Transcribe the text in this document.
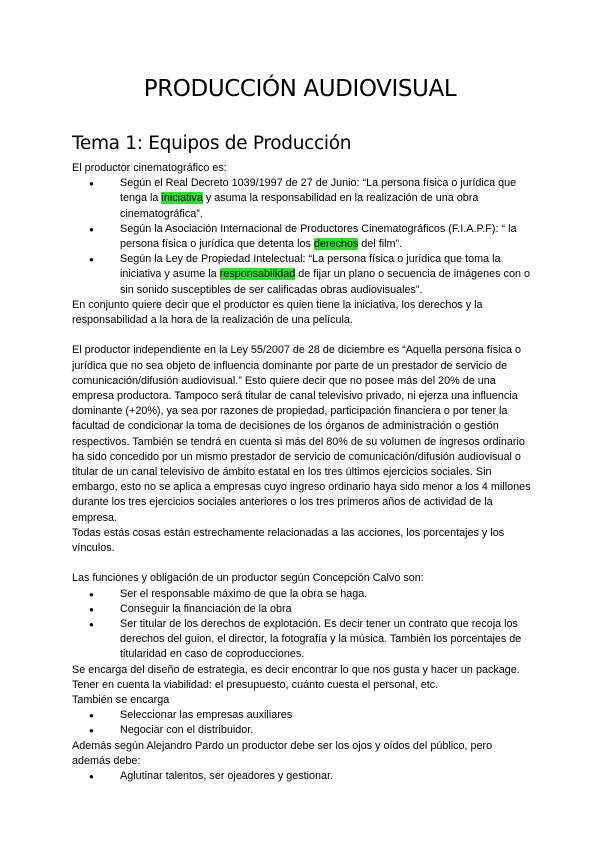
PRODUCCIÓN AUDIOVISUAL
Tema 1: Equipos de Producción

El productor cinematográfico es:

● Según el Real Decreto 1039/1997 de 27 de Junio: “La persona física o jurídica que tenga la iniciativa y asuma la responsabilidad en la realización de una obra cinematográfica”.
● Según la Asociación Internacional de Productores Cinematográficos (F.I.A.P.F): “ la persona física o jurídica que detenta los derechos del film”.
● Según la Ley de Propiedad Intelectual: “La persona física o jurídica que toma la iniciativa y asume la responsabilidad de fijar un plano o secuencia de imágenes con o sin sonido susceptibles de ser calificadas obras audiovisuales”.

En conjunto quiere decir que el productor es quien tiene la iniciativa, los derechos y la responsabilidad a la hora de la realización de una película.

El productor independiente en la Ley 55/2007 de 28 de diciembre es “Aquella persona física o jurídica que no sea objeto de influencia dominante por parte de un prestador de servicio de comunicación/difusión audiovisual.” Esto quiere decir que no posee más del 20% de una empresa productora. Tampoco será titular de canal televisivo privado, ni ejerza una influencia dominante (+20%), ya sea por razones de propiedad, participación financiera o por tener la facultad de condicionar la toma de decisiones de los órganos de administración o gestión respectivos. También se tendrá en cuenta si más del 80% de su volumen de ingresos ordinario ha sido concedido por un mismo prestador de servicio de comunicación/difusión audiovisual o titular de un canal televisivo de ámbito estatal en los tres últimos ejercicios sociales. Sin embargo, esto no se aplica a empresas cuyo ingreso ordinario haya sido menor a los 4 millones durante los tres ejercicios sociales anteriores o los tres primeros años de actividad de la empresa.

Todas estás cosas están estrechamente relacionadas a las acciones, los porcentajes y los vínculos.

Las funciones y obligación de un productor según Concepción Calvo son:

● Ser el responsable máximo de que la obra se haga.
● Conseguir la financiación de la obra
● Ser titular de los derechos de explotación. Es decir tener un contrato que recoja los derechos del guion, el director, la fotografía y la música. También los porcentajes de titularidad en caso de coproducciones.

Se encarga del diseño de estrategia, es decir encontrar lo que nos gusta y hacer un package. Tener en cuenta la viabilidad: el presupuesto, cuánto cuesta el personal, etc.

También se encarga

● Seleccionar las empresas auxiliares
● Negociar con el distribuidor.

Además según Alejandro Pardo un productor debe ser los ojos y oídos del público, pero además debe:

● Aglutinar talentos, ser ojeadores y gestionar.
